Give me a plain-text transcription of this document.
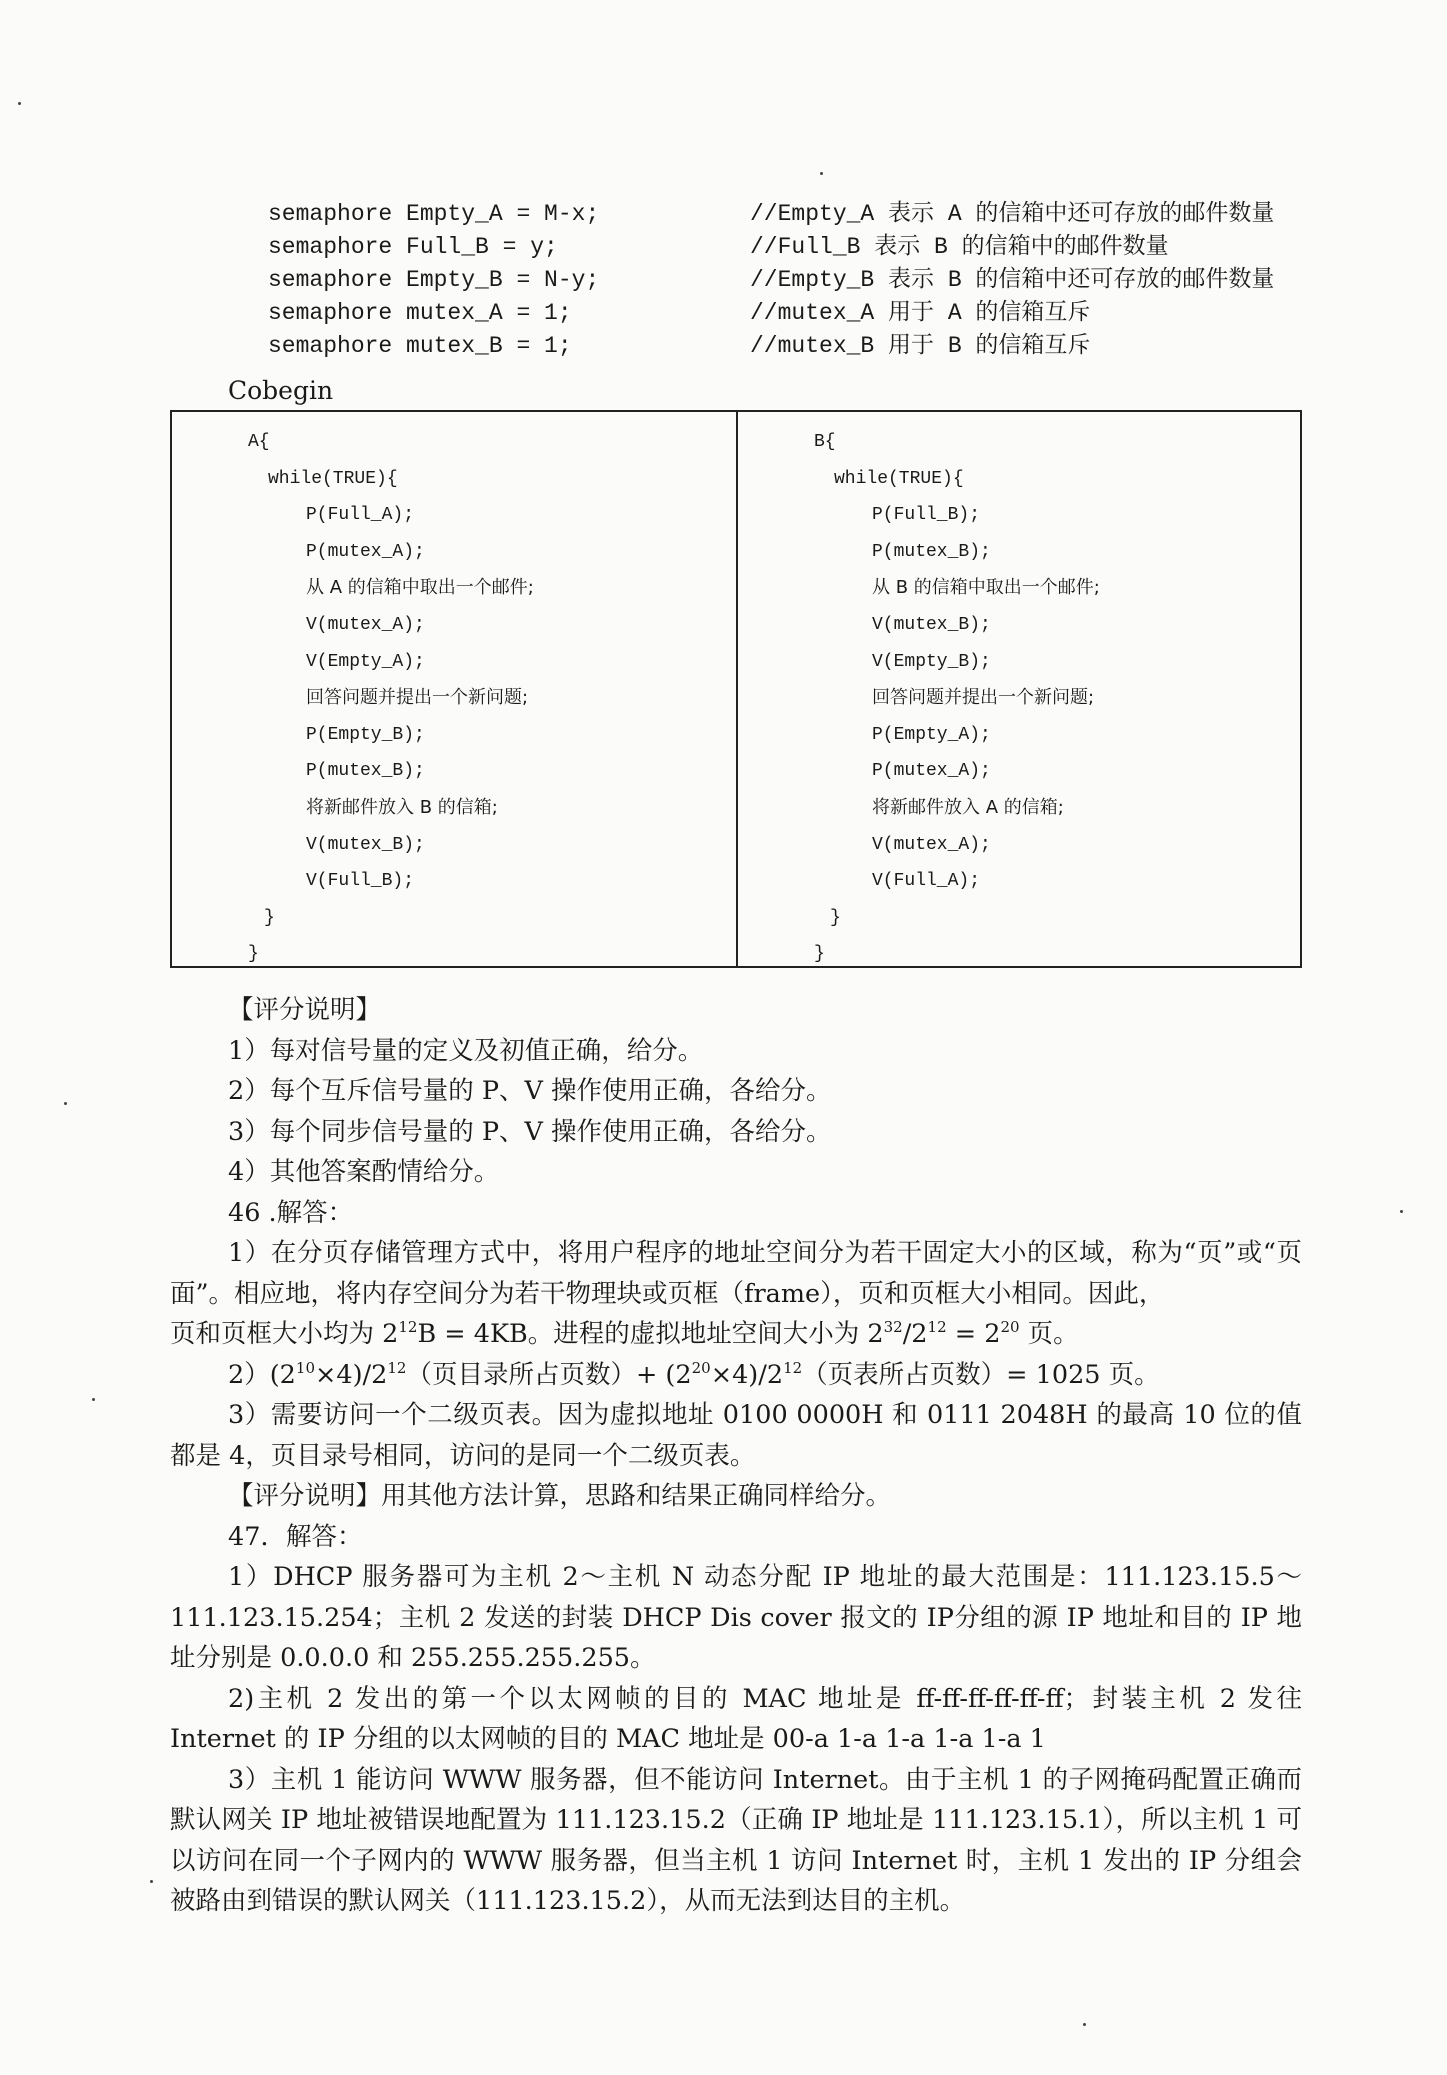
semaphore Empty_A = M-x;	//Empty_A 表示 A 的信箱中还可存放的邮件数量
semaphore Full_B = y;	//Full_B 表示 B 的信箱中的邮件数量
semaphore Empty_B = N-y;	//Empty_B 表示 B 的信箱中还可存放的邮件数量
semaphore mutex_A = 1;	//mutex_A 用于 A 的信箱互斥
semaphore mutex_B = 1;	//mutex_B 用于 B 的信箱互斥
Cobegin
A{
while(TRUE){
P(Full_A);
P(mutex_A);
从 A 的信箱中取出一个邮件;
V(mutex_A);
V(Empty_A);
回答问题并提出一个新问题;
P(Empty_B);
P(mutex_B);
将新邮件放入 B 的信箱;
V(mutex_B);
V(Full_B);
}
}
B{
while(TRUE){
P(Full_B);
P(mutex_B);
从 B 的信箱中取出一个邮件;
V(mutex_B);
V(Empty_B);
回答问题并提出一个新问题;
P(Empty_A);
P(mutex_A);
将新邮件放入 A 的信箱;
V(mutex_A);
V(Full_A);
}
}

【评分说明】

1）每对信号量的定义及初值正确，给分。

2）每个互斥信号量的 P、V 操作使用正确，各给分。

3）每个同步信号量的 P、V 操作使用正确，各给分。

4）其他答案酌情给分。

46 .解答：

1）在分页存储管理方式中，将用户程序的地址空间分为若干固定大小的区域，称为“页”或“页面”。相应地，将内存空间分为若干物理块或页框（frame），页和页框大小相同。因此，

页和页框大小均为 $2^{12}B = 4KB$。进程的虚拟地址空间大小为 $2^{32}/2^{12} = 2^{20}$ 页。

$2)(2^{10}\times 4)/2^{12}$（页目录所占页数）+ $(2^{20}\times 4)/2^{12}$（页表所占页数）= 1025 页。

3）需要访问一个二级页表。因为虚拟地址 0100 0000H 和 0111 2048H 的最高 10 位的值都是 4，页目录号相同，访问的是同一个二级页表。

【评分说明】用其他方法计算，思路和结果正确同样给分。

47．解答：

1）DHCP 服务器可为主机 2～主机 N 动态分配 IP 地址的最大范围是：111.123.15.5～111.123.15.254；主机 2 发送的封装 DHCP Dis cover 报文的 IP分组的源 IP 地址和目的 IP 地址分别是 0.0.0.0 和 255.255.255.255。

2)主机 2 发出的第一个以太网帧的目的 MAC 地址是 ff-ff-ff-ff-ff-ff；封装主机 2 发往 Internet 的 IP 分组的以太网帧的目的 MAC 地址是 00-a 1-a 1-a 1-a 1-a 1

3）主机 1 能访问 WWW 服务器，但不能访问 Internet。由于主机 1 的子网掩码配置正确而默认网关 IP 地址被错误地配置为 111.123.15.2（正确 IP 地址是 111.123.15.1），所以主机 1 可以访问在同一个子网内的 WWW 服务器，但当主机 1 访问 Internet 时，主机 1 发出的 IP 分组会被路由到错误的默认网关（111.123.15.2），从而无法到达目的主机。
